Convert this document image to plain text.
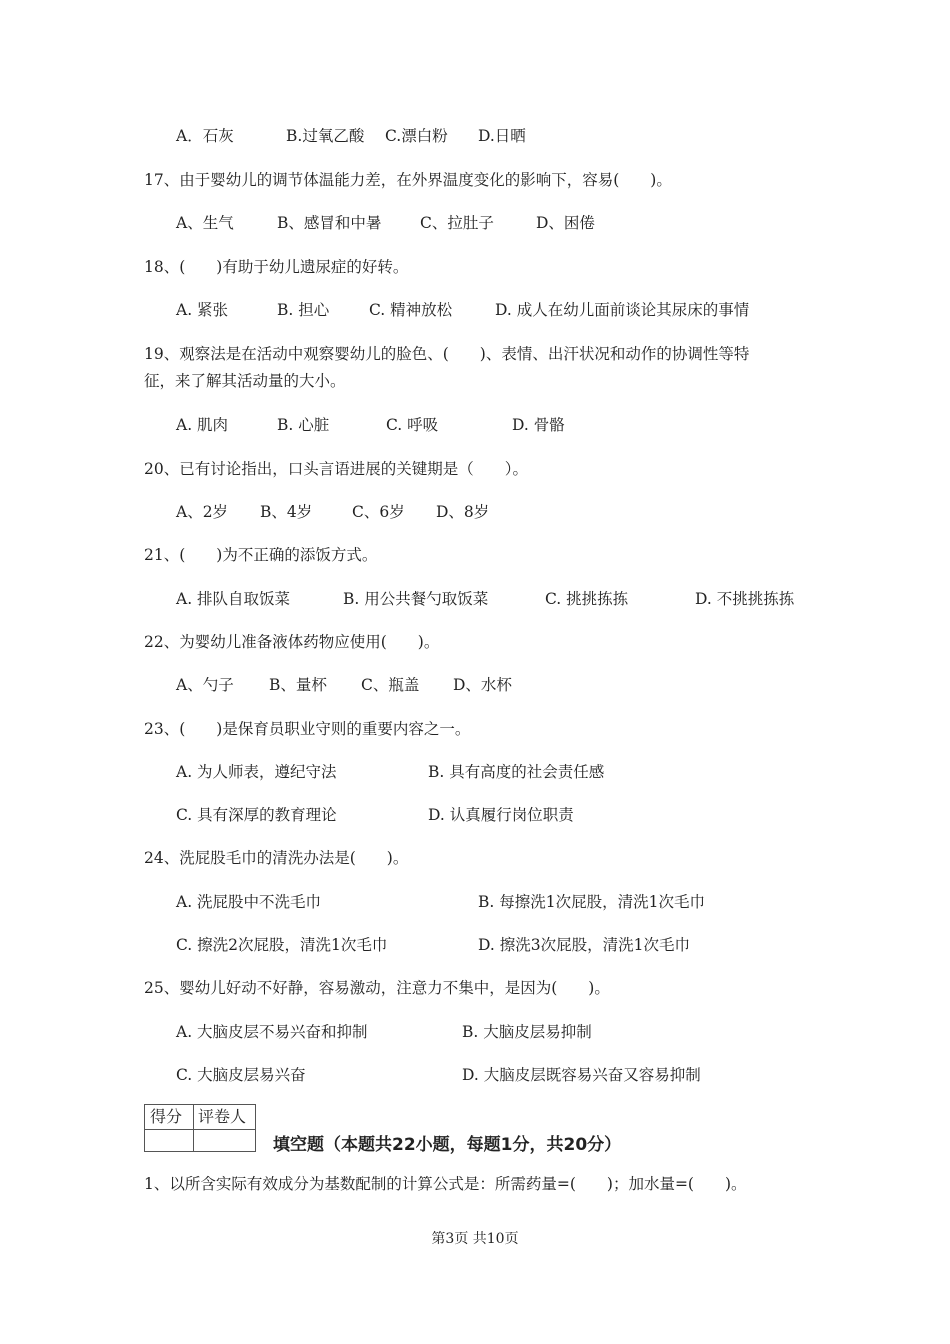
A．石灰	B.过氧乙酸 C.漂白粉 D.日晒
17、由于婴幼儿的调节体温能力差，在外界温度变化的影响下，容易(　　)。
A、生气	B、感冒和中暑 C、拉肚子	D、困倦
18、(　　)有助于幼儿遗尿症的好转。
A. 紧张	B. 担心	C. 精神放松	D. 成人在幼儿面前谈论其尿床的事情
19、观察法是在活动中观察婴幼儿的脸色、(　　)、表情、出汗状况和动作的协调性等特
征，来了解其活动量的大小。
A. 肌肉	B. 心脏	C. 呼吸	D. 骨骼
20、已有讨论指出，口头言语进展的关键期是（　　）。
A、2岁 B、4岁	C、6岁 D、8岁
21、(　　)为不正确的添饭方式。
A. 排队自取饭菜	B. 用公共餐勺取饭菜	C. 挑挑拣拣	D. 不挑挑拣拣
22、为婴幼儿准备液体药物应使用(　　)。
A、勺子 B、量杯 C、瓶盖 D、水杯
23、(　　)是保育员职业守则的重要内容之一。
A. 为人师表，遵纪守法	B. 具有高度的社会责任感
C. 具有深厚的教育理论	D. 认真履行岗位职责
24、洗屁股毛巾的清洗办法是(　　)。
A. 洗屁股中不洗毛巾	B. 每擦洗1次屁股，清洗1次毛巾
C. 擦洗2次屁股，清洗1次毛巾	D. 擦洗3次屁股，清洗1次毛巾
25、婴幼儿好动不好静，容易激动，注意力不集中，是因为(　　)。
A. 大脑皮层不易兴奋和抑制	B. 大脑皮层易抑制
C. 大脑皮层易兴奋	D. 大脑皮层既容易兴奋又容易抑制
得分 评卷人
填空题（本题共22小题，每题1分，共20分）
1、以所含实际有效成分为基数配制的计算公式是：所需药量=(　　)；加水量=(　　)。
第3页 共10页
